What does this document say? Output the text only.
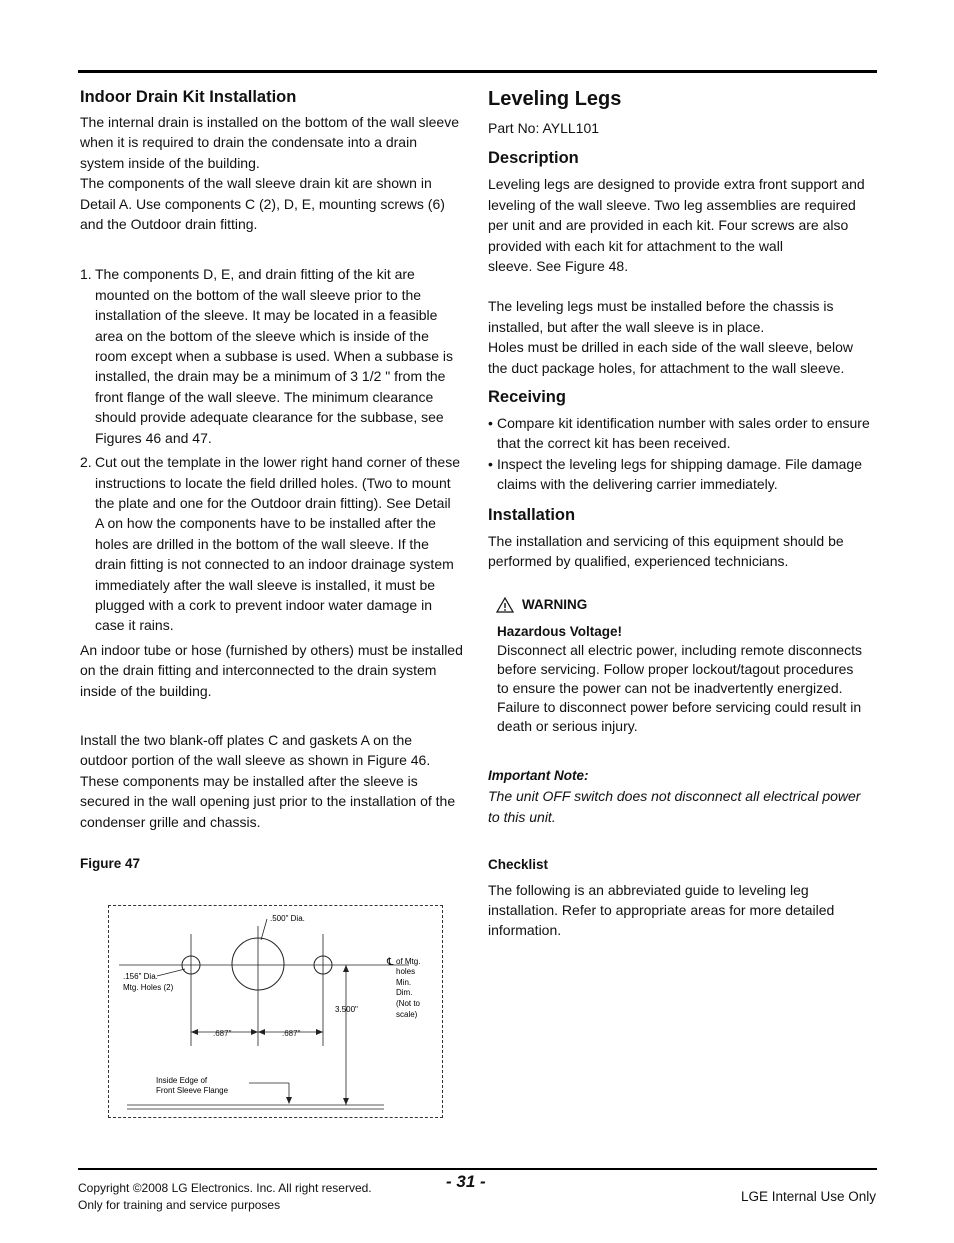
Indoor Drain Kit Installation

The internal drain is installed on the bottom of the wall sleeve
when it is required to drain the condensate into a drain
system inside of the building.
The components of the wall sleeve drain kit are shown in
Detail A. Use components C (2), D, E, mounting screws (6)
and the Outdoor drain fitting.

1. The components D, E, and drain fitting of the kit are
mounted on the bottom of the wall sleeve prior to the
installation of the sleeve. It may be located in a feasible
area on the bottom of the sleeve which is inside of the
room except when a subbase is used. When a subbase is
installed, the drain may be a minimum of 3 1/2 " from the
front flange of the wall sleeve. The minimum clearance
should provide adequate clearance for the subbase, see
Figures 46 and 47.
2. Cut out the template in the lower right hand corner of these
instructions to locate the field drilled holes. (Two to mount
the plate and one for the Outdoor drain fitting). See Detail
A on how the components have to be installed after the
holes are drilled in the bottom of the wall sleeve. If the
drain fitting is not connected to an indoor drainage system
immediately after the wall sleeve is installed, it must be
plugged with a cork to prevent indoor water damage in
case it rains.

An indoor tube or hose (furnished by others) must be installed
on the drain fitting and interconnected to the drain system
inside of the building.

Install the two blank-off plates C and gaskets A on the
outdoor portion of the wall sleeve as shown in Figure 46.
These components may be installed after the sleeve is
secured in the wall opening just prior to the installation of the
condenser grille and chassis.

Figure 47

.500" Dia.
.156" Dia.
Mtg. Holes (2)
℄ of Mtg.
holes
Min.
Dim.
(Not to
scale)
3.500"
.687"	.687"
Inside Edge of
Front Sleeve Flange
Leveling Legs

Part No: AYLL101

Description

Leveling legs are designed to provide extra front support and
leveling of the wall sleeve. Two leg assemblies are required
per unit and are provided in each kit. Four screws are also
provided with each kit for attachment to the wall
sleeve. See Figure 48.

The leveling legs must be installed before the chassis is
installed, but after the wall sleeve is in place.
Holes must be drilled in each side of the wall sleeve, below
the duct package holes, for attachment to the wall sleeve.

Receiving
• Compare kit identification number with sales order to ensure
that the correct kit has been received.
• Inspect the leveling legs for shipping damage. File damage
claims with the delivering carrier immediately.
Installation

The installation and servicing of this equipment should be
performed by qualified, experienced technicians.

WARNING

Hazardous Voltage!

Disconnect all electric power, including remote disconnects
before servicing. Follow proper lockout/tagout procedures
to ensure the power can not be inadvertently energized.
Failure to disconnect power before servicing could result in
death or serious injury.

Important Note:

The unit OFF switch does not disconnect all electrical power
to this unit.

Checklist

The following is an abbreviated guide to leveling leg
installation. Refer to appropriate areas for more detailed
information.

Copyright ©2008 LG Electronics. Inc. All right reserved.
Only for training and service purposes
- 31 -
LGE Internal Use Only
